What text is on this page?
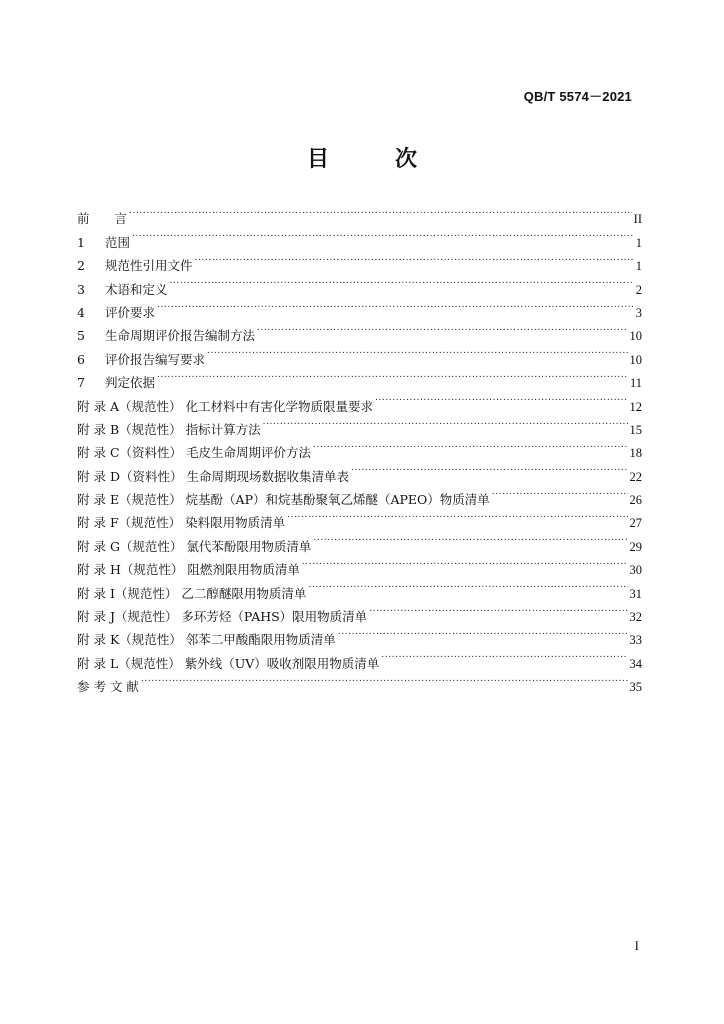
QB/T 5574－2021
目　次
前　　言 .....	II
1	范围 .....	1
2	规范性引用文件 .....	1
3	术语和定义 .....	2
4	评价要求 .....	3
5	生命周期评价报告编制方法 .....	10
6	评价报告编写要求 .....	10
7	判定依据 .....	11
附 录 A（规范性） 化工材料中有害化学物质限量要求 .....	12
附 录 B（规范性） 指标计算方法 .....	15
附 录 C（资料性） 毛皮生命周期评价方法 .....	18
附 录 D（资料性） 生命周期现场数据收集清单表 .....	22
附 录 E（规范性） 烷基酚（AP）和烷基酚聚氧乙烯醚（APEO）物质清单 .....	26
附 录 F（规范性） 染料限用物质清单 .....	27
附 录 G（规范性） 氯代苯酚限用物质清单 .....	29
附 录 H（规范性） 阻燃剂限用物质清单 .....	30
附 录 I（规范性） 乙二醇醚限用物质清单 .....	31
附 录 J（规范性） 多环芳烃（PAHS）限用物质清单 .....	32
附 录 K（规范性） 邻苯二甲酸酯限用物质清单 .....	33
附 录 L（规范性） 紫外线（UV）吸收剂限用物质清单 .....	34
参 考 文 献 .....	35
I
